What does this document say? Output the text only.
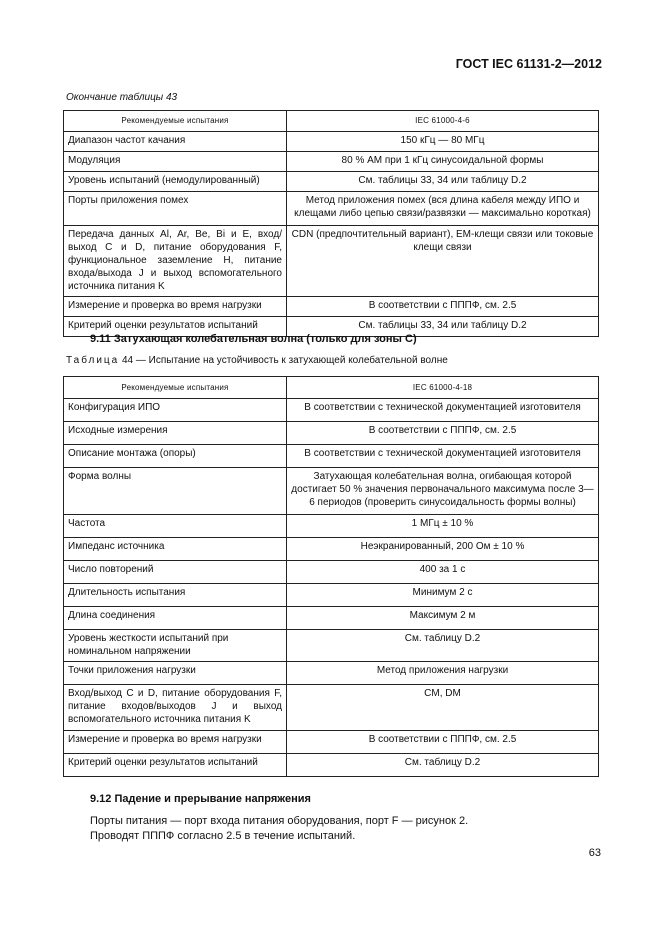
ГОСТ IEC 61131-2—2012
Окончание таблицы 43
Рекомендуемые испытания	IEC 61000-4-6
Диапазон частот качания	150 кГц — 80 МГц
Модуляция	80 % АМ при 1 кГц синусоидальной формы
Уровень испытаний (немодулированный)	См. таблицы 33, 34 или таблицу D.2
Порты приложения помех	Метод приложения помех (вся длина кабеля между ИПО и клещами либо цепью связи/развязки — максимально короткая)
Передача данных Al, Ar, Be, Bi и E, вход/выход C и D, питание оборудования F, функциональное заземление H, питание входа/выхода J и выход вспомогательного источника питания K	CDN (предпочтительный вариант), ЕМ-клещи связи или токовые клещи связи
Измерение и проверка во время нагрузки	В соответствии с ПППФ, см. 2.5
Критерий оценки результатов испытаний	См. таблицы 33, 34 или таблицу D.2
9.11 Затухающая колебательная волна (только для зоны C)
Таблица 44 — Испытание на устойчивость к затухающей колебательной волне
Рекомендуемые испытания	IEC 61000-4-18
Конфигурация ИПО	В соответствии с технической документацией изготовителя
Исходные измерения	В соответствии с ПППФ, см. 2.5
Описание монтажа (опоры)	В соответствии с технической документацией изготовителя
Форма волны	Затухающая колебательная волна, огибающая которой достигает 50 % значения первоначального максимума после 3—6 периодов (проверить синусоидальность формы волны)
Частота	1 МГц ± 10 %
Импеданс источника	Неэкранированный, 200 Ом ± 10 %
Число повторений	400 за 1 с
Длительность испытания	Минимум 2 с
Длина соединения	Максимум 2 м
Уровень жесткости испытаний при номинальном напряжении	См. таблицу D.2
Точки приложения нагрузки	Метод приложения нагрузки
Вход/выход C и D, питание оборудования F, питание входов/выходов J и выход вспомогательного источника питания K	CM, DM
Измерение и проверка во время нагрузки	В соответствии с ПППФ, см. 2.5
Критерий оценки результатов испытаний	См. таблицу D.2
9.12 Падение и прерывание напряжения
Порты питания — порт входа питания оборудования, порт F — рисунок 2.
Проводят ПППФ согласно 2.5 в течение испытаний.
63
